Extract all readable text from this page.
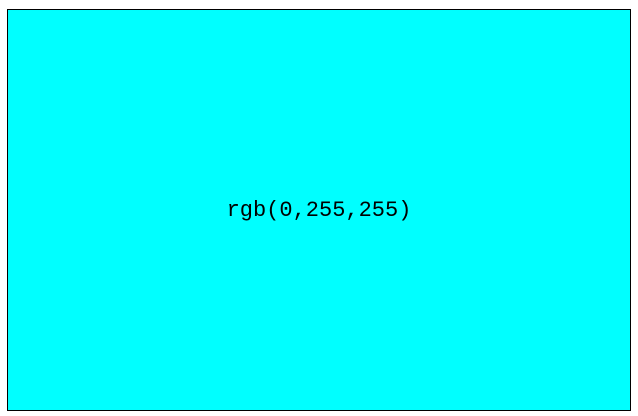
rgb(0,255,255)
